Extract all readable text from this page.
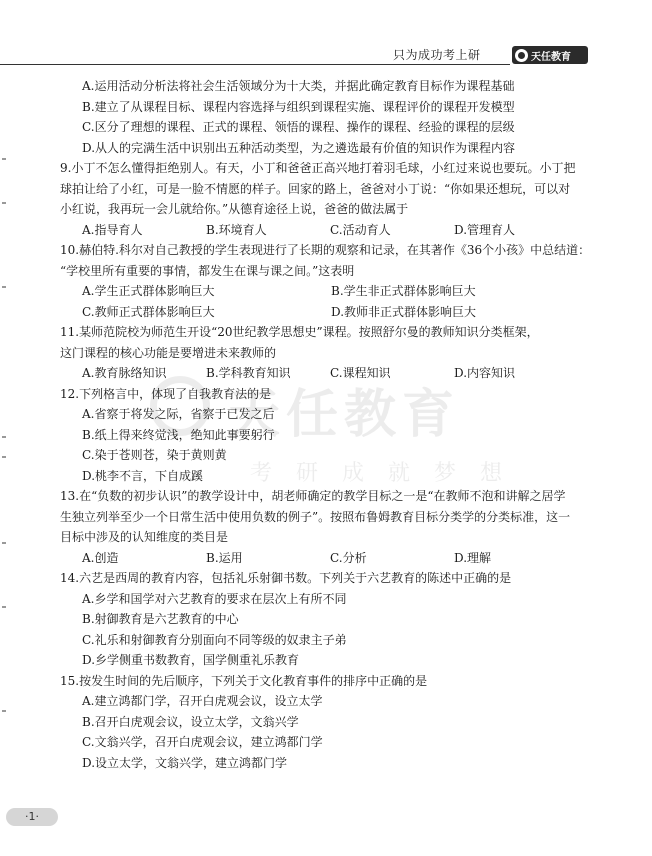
只为成功考上研	天任教育
天任教育
考研成就梦想
A.运用活动分析法将社会生活领域分为十大类，并据此确定教育目标作为课程基础
B.建立了从课程目标、课程内容选择与组织到课程实施、课程评价的课程开发模型
C.区分了理想的课程、正式的课程、领悟的课程、操作的课程、经验的课程的层级
D.从人的完满生活中识别出五种活动类型，为之遴选最有价值的知识作为课程内容
9.小丁不怎么懂得拒绝别人。有天，小丁和爸爸正高兴地打着羽毛球，小红过来说也要玩。小丁把
球拍让给了小红，可是一脸不情愿的样子。回家的路上，爸爸对小丁说：“你如果还想玩，可以对
小红说，我再玩一会儿就给你。”从德育途径上说，爸爸的做法属于
A.指导育人	B.环境育人	C.活动育人	D.管理育人
10.赫伯特.科尔对自己教授的学生表现进行了长期的观察和记录，在其著作《36个小孩》中总结道：
“学校里所有重要的事情，都发生在课与课之间。”这表明
A.学生正式群体影响巨大	B.学生非正式群体影响巨大
C.教师正式群体影响巨大	D.教师非正式群体影响巨大
11.某师范院校为师范生开设“20世纪教学思想史”课程。按照舒尔曼的教师知识分类框架，
这门课程的核心功能是要增进未来教师的
A.教育脉络知识	B.学科教育知识	C.课程知识	D.内容知识
12.下列格言中，体现了自我教育法的是
A.省察于将发之际，省察于已发之后
B.纸上得来终觉浅，绝知此事要躬行
C.染于苍则苍，染于黄则黄
D.桃李不言，下自成蹊
13.在“负数的初步认识”的教学设计中，胡老师确定的教学目标之一是“在教师不泡和讲解之居学
生独立列举至少一个日常生活中使用负数的例子”。按照布鲁姆教育目标分类学的分类标准，这一
目标中涉及的认知维度的类目是
A.创造	B.运用	C.分析	D.理解
14.六艺是西周的教育内容，包括礼乐射御书数。下列关于六艺教育的陈述中正确的是
A.乡学和国学对六艺教育的要求在层次上有所不同
B.射御教育是六艺教育的中心
C.礼乐和射御教育分别面向不同等级的奴隶主子弟
D.乡学侧重书数教育，国学侧重礼乐教育
15.按发生时间的先后顺序，下列关于文化教育事件的排序中正确的是
A.建立鸿都门学，召开白虎观会议，设立太学
B.召开白虎观会议，设立太学，文翁兴学
C.文翁兴学，召开白虎观会议，建立鸿都门学
D.设立太学，文翁兴学，建立鸿都门学
·1·
